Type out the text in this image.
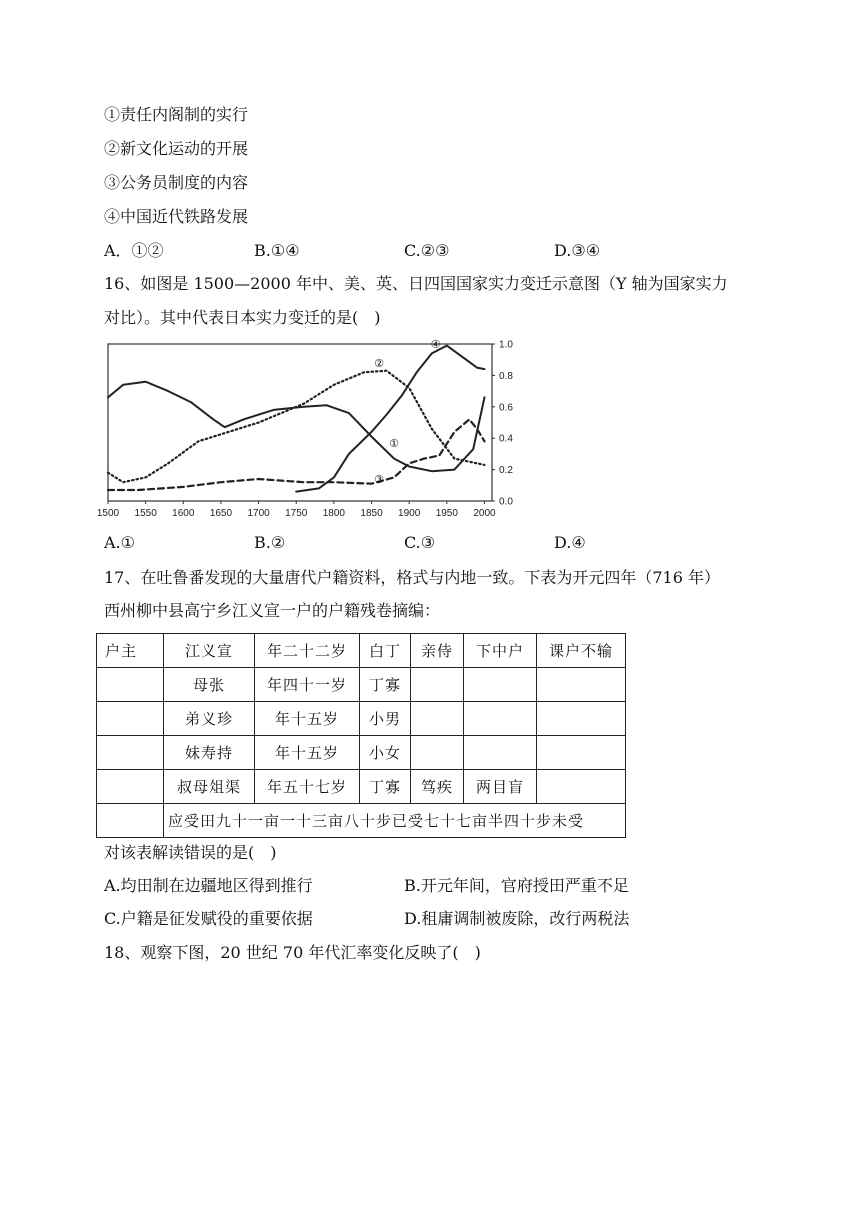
①责任内阁制的实行
②新文化运动的开展
③公务员制度的内容
④中国近代铁路发展
A．①②	B.①④	C.②③	D.③④
16、如图是 1500—2000 年中、美、英、日四国国家实力变迁示意图（Y 轴为国家实力
对比）。其中代表日本实力变迁的是(　)
1500 1550 1600 1650 1700 1750 1800 1850 1900 1950 2000
0.0
0.2
0.4
0.6
0.8
1.0
①
②
③
④
A.①	B.②	C.③	D.④
17、在吐鲁番发现的大量唐代户籍资料，格式与内地一致。下表为开元四年（716 年）
西州柳中县高宁乡江义宣一户的户籍残卷摘编：
户主	江义宣	年二十二岁	白丁	亲侍	下中户	课户不输
	母张	年四十一岁	丁寡			
	弟义珍	年十五岁	小男			
	妹寿持	年十五岁	小女			
	叔母俎渠	年五十七岁	丁寡	笃疾	两目盲	
	应受田九十一亩一十三亩八十步已受七十七亩半四十步未受					
对该表解读错误的是(　)
A.均田制在边疆地区得到推行	B.开元年间，官府授田严重不足
C.户籍是征发赋役的重要依据	D.租庸调制被废除，改行两税法
18、观察下图，20 世纪 70 年代汇率变化反映了(　)
